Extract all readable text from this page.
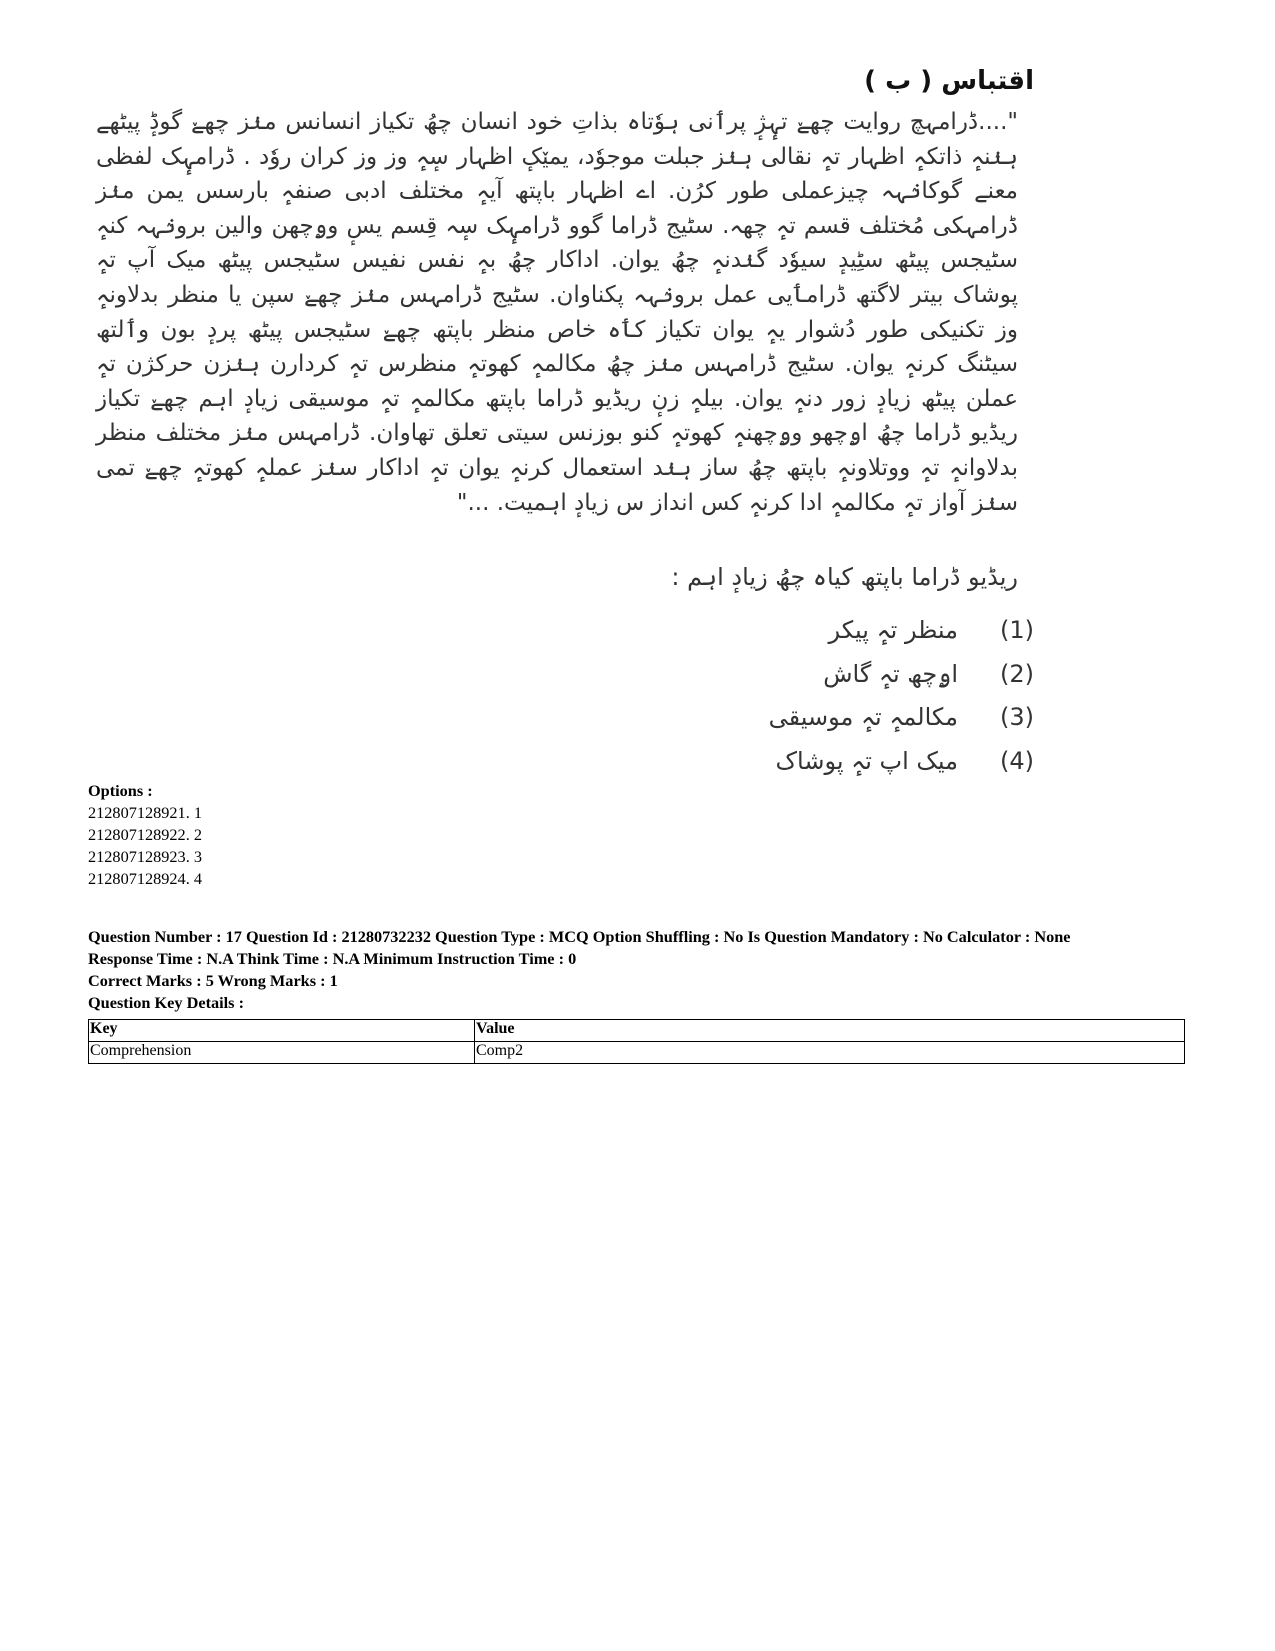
اقتباس ( ب )
"....ڈرامہچ روایت چھےٚ تہٕژٕ پرٲنی ہوٗتاہ بذاتِ خود انسان چھُ تکیاز انسانس منٛز چھےٚ گوڈٕ پیٹھے ہنٛنہٕ ذاتکہٕ اظہار تہٕ نقالی ہنٛز جبلت موجوٗد، یمێکٕ اظہار سٕہٕ وز وز کران روٗد . ڈرامہٕک لفظی معنے گوکانٛہہ چیزعملی طور کرُن. اے اظہار باپتھ آیہٕ مختلف ادبی صنفہٕ بارسس یمن منٛز ڈرامہکی مُختلف قسم تہٕ چھہ. سٹیج ڈراما گوو ڈرامہٕک سٕہ قِسم یسٕ وۄچھن والین برونٛہہ کنہٕ سٹیجس پیٹھ سٹِیدٕ سیوٗد گنٛدنہٕ چھُ یوان. اداکار چھُ بہٕ نفس نفیس سٹیجس پیٹھ میک آپ تہٕ پوشاک بیتر لاگتھ ڈرامٲیی عمل برونٛہہ پکناوان. سٹیج ڈرامہس منٛز چھےٚ سپن یا منظر بدلاونہٕ وز تکنیکی طور دُشوار یہٕ یوان تکیاز کٲہ خاص منظر باپتھ چھےٚ سٹیجس پیٹھ پردٕ بون وٲلتھ سیٹنگ کرنہٕ یوان. سٹیج ڈرامہس منٛز چھُ مکالمہٕ کھوتہٕ منظرس تہٕ کردارن ہنٛزن حرکژن تہٕ عملن پیٹھ زیادٕ زور دنہٕ یوان. بیلہٕ زنٕ ریڈیو ڈراما باپتھ مکالمہٕ تہٕ موسیقی زیادٕ اہم چھےٚ تکیاز ریڈیو ڈراما چھُ اۄچھو وۄچھنہٕ کھوتہٕ کنو بوزنس سیتی تعلق تھاوان. ڈرامہس منٛز مختلف منظر بدلاوانہٕ تہٕ ووتلاونہٕ باپتھ چھُ ساز ہنٛد استعمال کرنہٕ یوان تہٕ اداکار سنٛز عملہٕ کھوتہٕ چھےٚ تمی سنٛز آواز تہٕ مکالمہٕ ادا کرنہٕ کس انداز س زیادٕ اہمیت. ..."
ریڈیو ڈراما باپتھ کیاہ چھُ زیادٕ اہم :
(1)
منظر تہٕ پیکر
(2)
اۄچھ تہٕ گاش
(3)
مکالمہٕ تہٕ موسیقی
(4)
میک اپ تہٕ پوشاک
Options :
212807128921. 1
212807128922. 2
212807128923. 3
212807128924. 4
Question Number : 17 Question Id : 21280732232 Question Type : MCQ Option Shuffling : No Is Question Mandatory : No Calculator : None
Response Time : N.A Think Time : N.A Minimum Instruction Time : 0
Correct Marks : 5 Wrong Marks : 1
Question Key Details :
Key	Value
Comprehension	Comp2
